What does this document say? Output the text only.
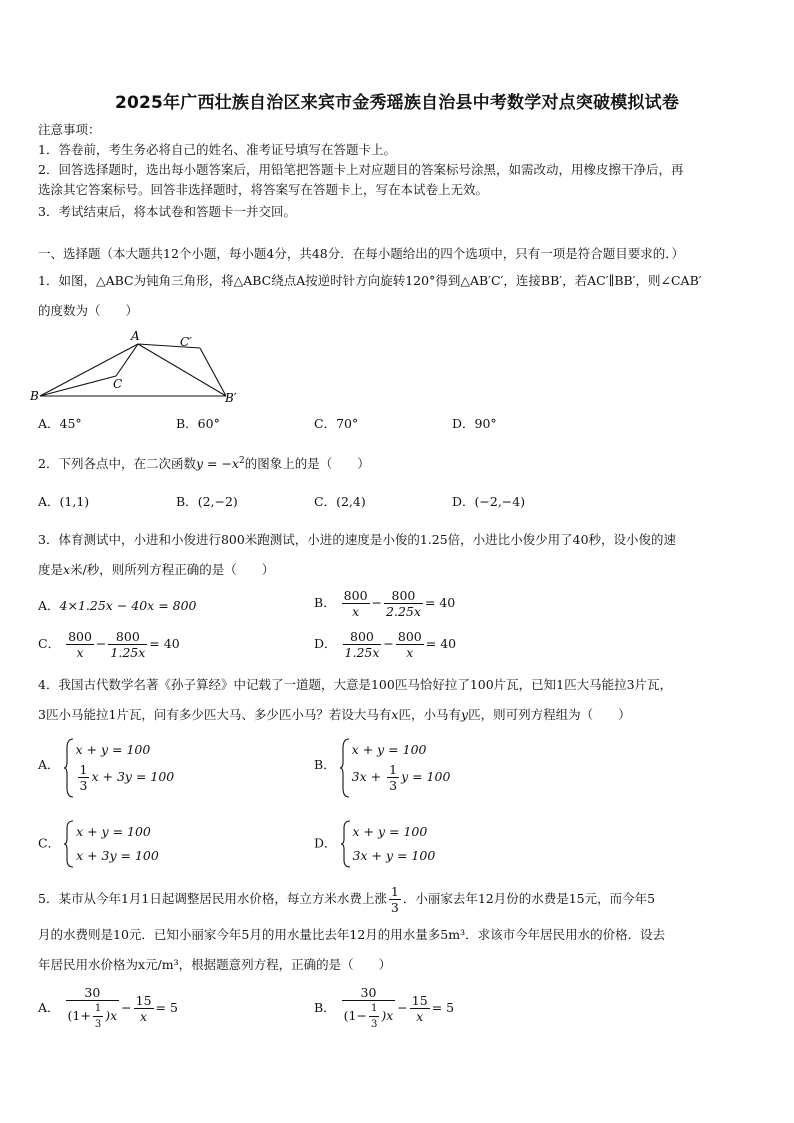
2025年广西壮族自治区来宾市金秀瑶族自治县中考数学对点突破模拟试卷
注意事项：
1．答卷前，考生务必将自己的姓名、准考证号填写在答题卡上。
2．回答选择题时，选出每小题答案后，用铅笔把答题卡上对应题目的答案标号涂黑，如需改动，用橡皮擦干净后，再
选涂其它答案标号。回答非选择题时，将答案写在答题卡上，写在本试卷上无效。
3．考试结束后，将本试卷和答题卡一并交回。
一、选择题（本大题共12个小题，每小题4分，共48分．在每小题给出的四个选项中，只有一项是符合题目要求的．）
1．如图，△ABC为钝角三角形，将△ABC绕点A按逆时针方向旋转120°得到△AB′C′，连接BB′，若AC′∥BB′，则∠CAB′
的度数为（　　）
A
B
C
C′
B′
A．45°	B．60°	C．70°	D．90°
2．下列各点中，在二次函数$y = -x^2$的图象上的是（　　）
A．(1,1)	B．(2,−2)	C．(2,4)	D．(−2,−4)
3．体育测试中，小进和小俊进行800米跑测试，小进的速度是小俊的1.25倍，小进比小俊少用了40秒，设小俊的速
度是x米/秒，则所列方程正确的是（　　）
A．4×1.25x − 40x = 800	B． $\frac{800}{x} - \frac{800}{2.25x} = 40$
C． $\frac{800}{x} - \frac{800}{1.25x} = 40$	D． $\frac{800}{1.25x} - \frac{800}{x} = 40$
4．我国古代数学名著《孙子算经》中记载了一道题，大意是100匹马恰好拉了100片瓦，已知1匹大马能拉3片瓦，
3匹小马能拉1片瓦，问有多少匹大马、多少匹小马？若设大马有x匹，小马有y匹，则可列方程组为（　　）
A．
x + y = 100
$\frac{1}{3}$ x + 3y = 100
B．
x + y = 100
$3x + \frac{1}{3}$ y = 100
C．
x + y = 100
x + 3y = 100
D．
x + y = 100
3x + y = 100
5．某市从今年1月1日起调整居民用水价格，每立方米水费上涨 $\frac{1}{3}$ ．小丽家去年12月份的水费是15元，而今年5
月的水费则是10元．已知小丽家今年5月的用水量比去年12月的用水量多5m³．求该市今年居民用水的价格．设去
年居民用水价格为x元/m³，根据题意列方程，正确的是（　　）
A． $\frac{30}{(1+ \frac{1}{3} )x} - \frac{15}{x} = 5$	B． $\frac{30}{(1- \frac{1}{3} )x} - \frac{15}{x} = 5$
